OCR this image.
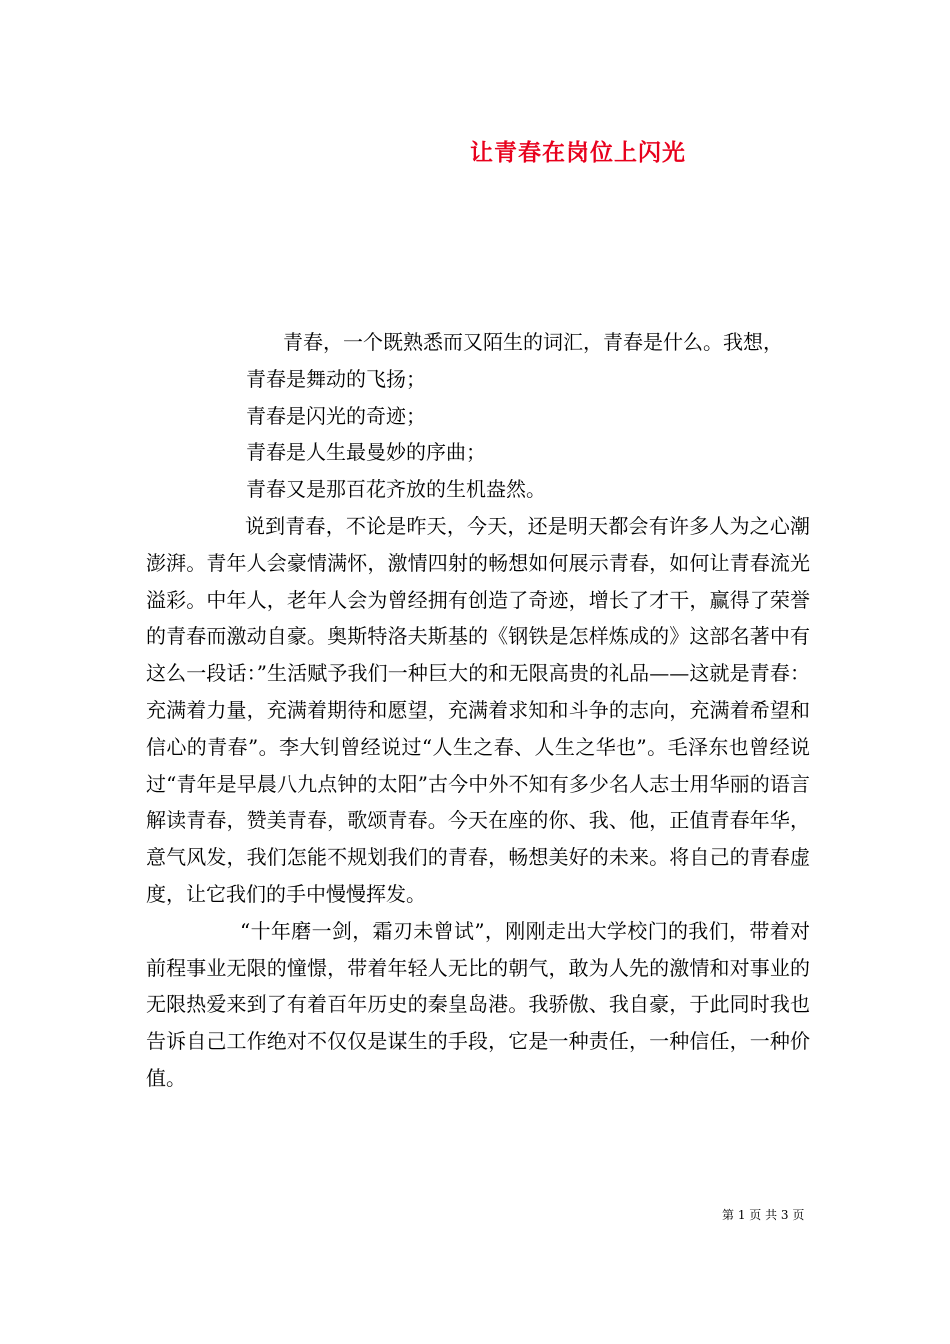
让青春在岗位上闪光

青春，一个既熟悉而又陌生的词汇，青春是什么。我想，

青春是舞动的飞扬；

青春是闪光的奇迹；

青春是人生最曼妙的序曲；

青春又是那百花齐放的生机盎然。

说到青春，不论是昨天，今天，还是明天都会有许多人为之心潮澎湃。青年人会豪情满怀，激情四射的畅想如何展示青春，如何让青春流光溢彩。中年人，老年人会为曾经拥有创造了奇迹，增长了才干，赢得了荣誉的青春而激动自豪。奥斯特洛夫斯基的《钢铁是怎样炼成的》这部名著中有这么一段话：”生活赋予我们一种巨大的和无限高贵的礼品——这就是青春：充满着力量，充满着期待和愿望，充满着求知和斗争的志向，充满着希望和信心的青春”。李大钊曾经说过“人生之春、人生之华也”。毛泽东也曾经说过“青年是早晨八九点钟的太阳”古今中外不知有多少名人志士用华丽的语言解读青春，赞美青春，歌颂青春。今天在座的你、我、他，正值青春年华，意气风发，我们怎能不规划我们的青春，畅想美好的未来。将自己的青春虚度，让它我们的手中慢慢挥发。

“十年磨一剑，霜刃未曾试”，刚刚走出大学校门的我们，带着对前程事业无限的憧憬，带着年轻人无比的朝气，敢为人先的激情和对事业的无限热爱来到了有着百年历史的秦皇岛港。我骄傲、我自豪，于此同时我也告诉自己工作绝对不仅仅是谋生的手段，它是一种责任，一种信任，一种价值。

第 1 页 共 3 页
